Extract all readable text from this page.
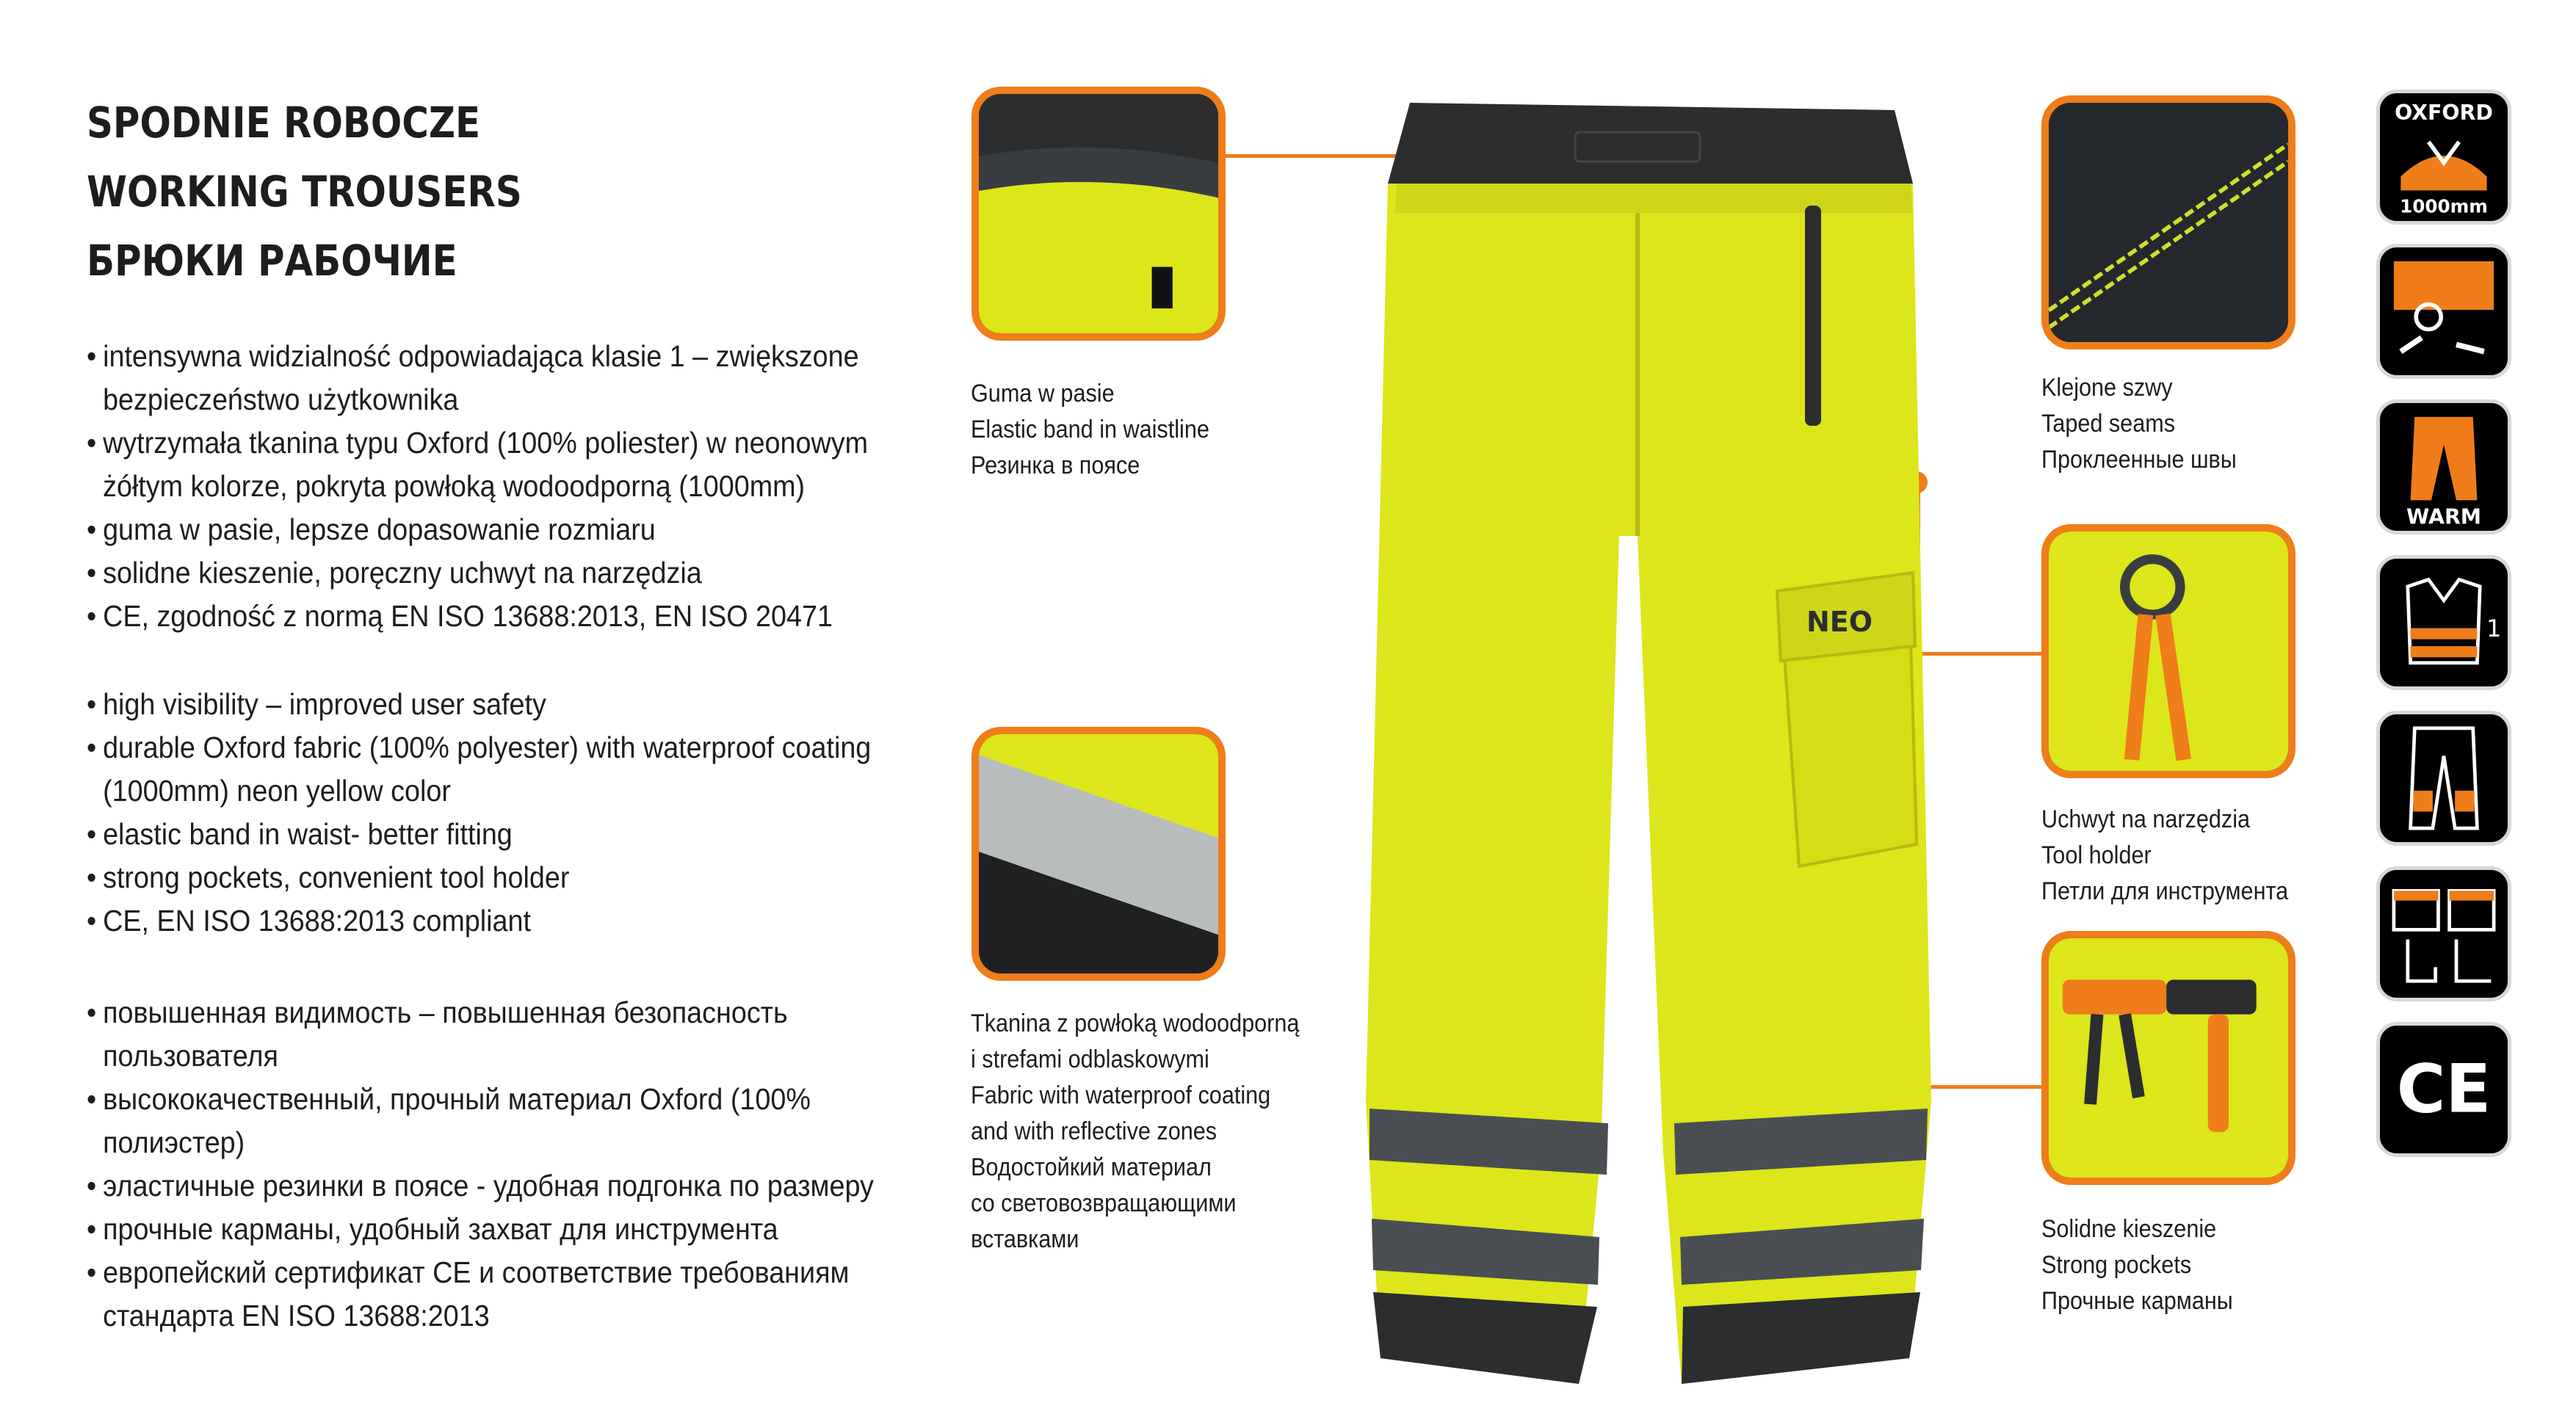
SPODNIE ROBOCZE
WORKING TROUSERS
БРЮКИ РАБОЧИЕ
• intensywna widzialność odpowiadająca klasie 1 – zwiększone bezpieczeństwo użytkownika
• wytrzymała tkanina typu Oxford (100% poliester) w neonowym żółtym kolorze, pokryta powłoką wodoodporną (1000mm)
• guma w pasie, lepsze dopasowanie rozmiaru
• solidne kieszenie, poręczny uchwyt na narzędzia
• CE, zgodność z normą EN ISO 13688:2013, EN ISO 20471
• high visibility – improved user safety
• durable Oxford fabric (100% polyester) with waterproof coating (1000mm) neon yellow color
• elastic band in waist- better fitting
• strong pockets, convenient tool holder
• CE, EN ISO 13688:2013 compliant
• повышенная видимость – повышенная безопасность пользователя
• высококачественный, прочный материал Oxford (100% полиэстер)
• эластичные резинки в поясе - удобная подгонка по размеру
• прочные карманы, удобный захват для инструмента
• европейский сертификат СЕ и соответствие требованиям стандарта EN ISO 13688:2013
NEO
Guma w pasie
Elastic band in waistline
Резинка в поясе
Tkanina z powłoką wodoodporną
i strefami odblaskowymi
Fabric with waterproof coating
and with reflective zones
Водостойкий материал
со световозвращающими
вставками
Klejone szwy
Taped seams
Проклеенные швы
Uchwyt na narzędzia
Tool holder
Петли для инструмента
Solidne kieszenie
Strong pockets
Прочные карманы
OXFORD
1000mm
WARM
1
CE
